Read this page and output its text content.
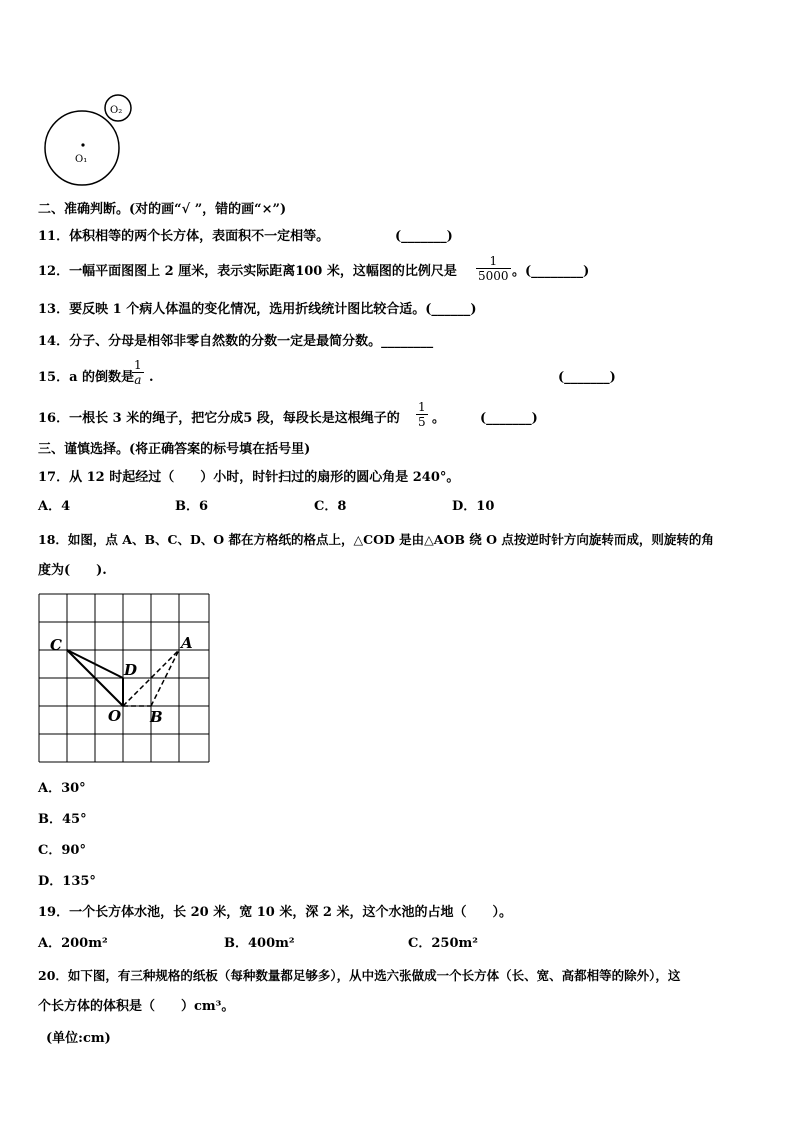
O₁
O₂
二、准确判断。(对的画“√ ”，错的画“×”)
11．体积相等的两个长方体，表面积不一定相等。	(_______)
12．一幅平面图图上 2 厘米，表示实际距离100 米，这幅图的比例尺是 $\frac{1}{5000}$ 。(________)
13．要反映 1 个病人体温的变化情况，选用折线统计图比较合适。(______)
14．分子、分母是相邻非零自然数的分数一定是最简分数。________
15．a 的倒数是
$\frac{1}{a}$ .	(_______)
16．一根长 3 米的绳子，把它分成5 段，每段长是这根绳子的 $\frac{1}{5}$ 。	(_______)
三、谨慎选择。(将正确答案的标号填在括号里)
17．从 12 时起经过（　　）小时，时针扫过的扇形的圆心角是 240°。
A．4	B．6	C．8	D．10
18．如图，点 A、B、C、D、O 都在方格纸的格点上，△COD 是由△AOB 绕 O 点按逆时针方向旋转而成，则旋转的角
度为(　　).
C
D
A
O B
A．30°
B．45°
C．90°
D．135°
19．一个长方体水池，长 20 米，宽 10 米，深 2 米，这个水池的占地（　　）。
A．200m²	B．400m²	C．250m²
20．如下图，有三种规格的纸板（每种数量都足够多），从中选六张做成一个长方体（长、宽、高都相等的除外），这
个长方体的体积是（　　）cm³。
(单位:cm)
